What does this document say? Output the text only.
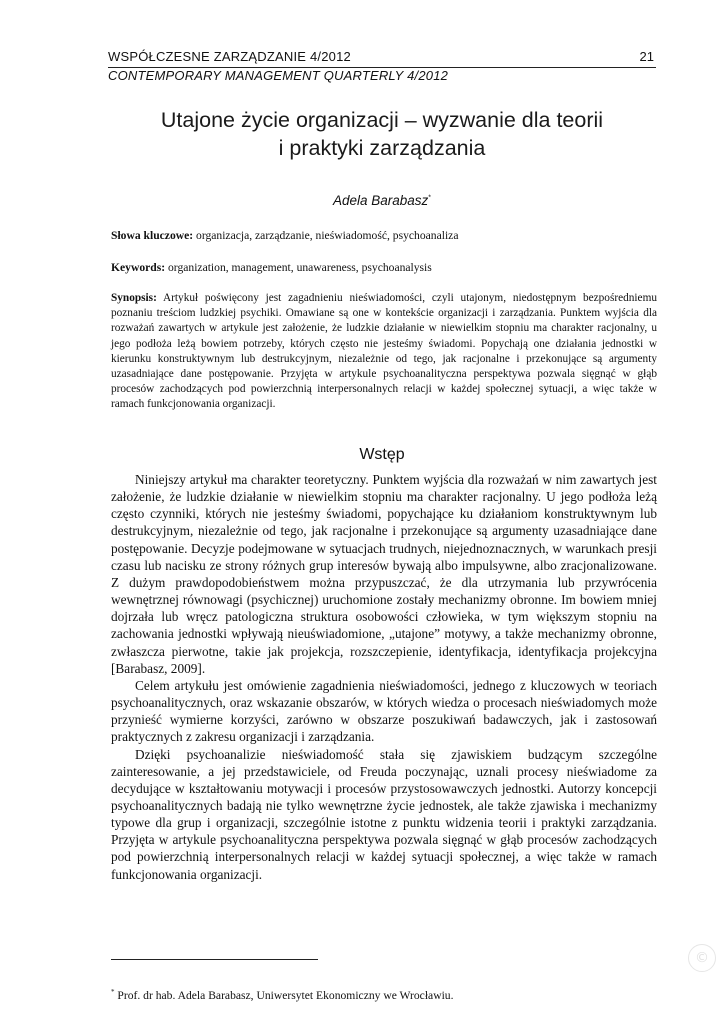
WSPÓŁCZESNE ZARZĄDZANIE 4/2012	21
CONTEMPORARY MANAGEMENT QUARTERLY 4/2012
Utajone życie organizacji – wyzwanie dla teorii
i praktyki zarządzania
Adela Barabasz*
Słowa kluczowe: organizacja, zarządzanie, nieświadomość, psychoanaliza
Keywords: organization, management, unawareness, psychoanalysis
Synopsis: Artykuł poświęcony jest zagadnieniu nieświadomości, czyli utajonym, niedostępnym bezpośredniemu poznaniu treściom ludzkiej psychiki. Omawiane są one w kontekście organizacji i zarządzania. Punktem wyjścia dla rozważań zawartych w artykule jest założenie, że ludzkie działanie w niewielkim stopniu ma charakter racjonalny, u jego podłoża leżą bowiem potrzeby, których często nie jesteśmy świadomi. Popychają one działania jednostki w kierunku konstruktywnym lub destrukcyjnym, niezależnie od tego, jak racjonalne i przekonujące są argumenty uzasadniające dane postępowanie. Przyjęta w artykule psychoanalityczna perspektywa pozwala sięgnąć w głąb procesów zachodzących pod powierzchnią interpersonalnych relacji w każdej społecznej sytuacji, a więc także w ramach funkcjonowania organizacji.
Wstęp

Niniejszy artykuł ma charakter teoretyczny. Punktem wyjścia dla rozważań w nim zawartych jest założenie, że ludzkie działanie w niewielkim stopniu ma charakter racjonalny. U jego podłoża leżą często czynniki, których nie jesteśmy świadomi, popychające ku działaniom konstruktywnym lub destrukcyjnym, niezależnie od tego, jak racjonalne i przekonujące są argumenty uzasadniające dane postępowanie. Decyzje podejmowane w sytuacjach trudnych, niejednoznacznych, w warunkach presji czasu lub nacisku ze strony różnych grup interesów bywają albo impulsywne, albo zracjonalizowane. Z dużym prawdopodobieństwem można przypuszczać, że dla utrzymania lub przywrócenia wewnętrznej równowagi (psychicznej) uruchomione zostały mechanizmy obronne. Im bowiem mniej dojrzała lub wręcz patologiczna struktura osobowości człowieka, w tym większym stopniu na zachowania jednostki wpływają nieuświadomione, „utajone” motywy, a także mechanizmy obronne, zwłaszcza pierwotne, takie jak projekcja, rozszczepienie, identyfikacja, identyfikacja projekcyjna [Barabasz, 2009].

Celem artykułu jest omówienie zagadnienia nieświadomości, jednego z kluczowych w teoriach psychoanalitycznych, oraz wskazanie obszarów, w których wiedza o procesach nieświadomych może przynieść wymierne korzyści, zarówno w obszarze poszukiwań badawczych, jak i zastosowań praktycznych z zakresu organizacji i zarządzania.

Dzięki psychoanalizie nieświadomość stała się zjawiskiem budzącym szczególne zainteresowanie, a jej przedstawiciele, od Freuda poczynając, uznali procesy nieświadome za decydujące w kształtowaniu motywacji i procesów przystosowawczych jednostki. Autorzy koncepcji psychoanalitycznych badają nie tylko wewnętrzne życie jednostek, ale także zjawiska i mechanizmy typowe dla grup i organizacji, szczególnie istotne z punktu widzenia teorii i praktyki zarządzania. Przyjęta w artykule psychoanalityczna perspektywa pozwala sięgnąć w głąb procesów zachodzących pod powierzchnią interpersonalnych relacji w każdej sytuacji społecznej, a więc także w ramach funkcjonowania organizacji.

* Prof. dr hab. Adela Barabasz, Uniwersytet Ekonomiczny we Wrocławiu.
©
